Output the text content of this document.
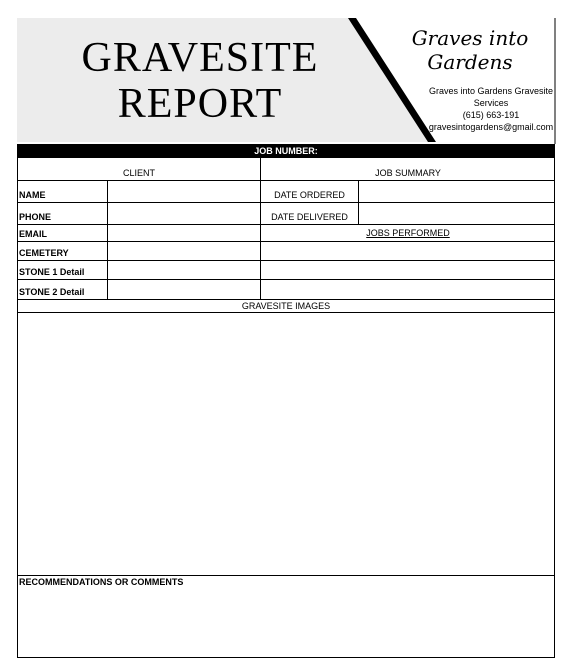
GRAVESITE
REPORT
Graves into Gardens
Graves into Gardens Gravesite
Services
(615) 663-191
gravesintogardens@gmail.com
JOB NUMBER:
CLIENT	JOB SUMMARY
NAME
PHONE
EMAIL
CEMETERY
STONE 1 Detail
STONE 2 Detail
DATE ORDERED
DATE DELIVERED
JOBS PERFORMED
GRAVESITE IMAGES
RECOMMENDATIONS OR COMMENTS
